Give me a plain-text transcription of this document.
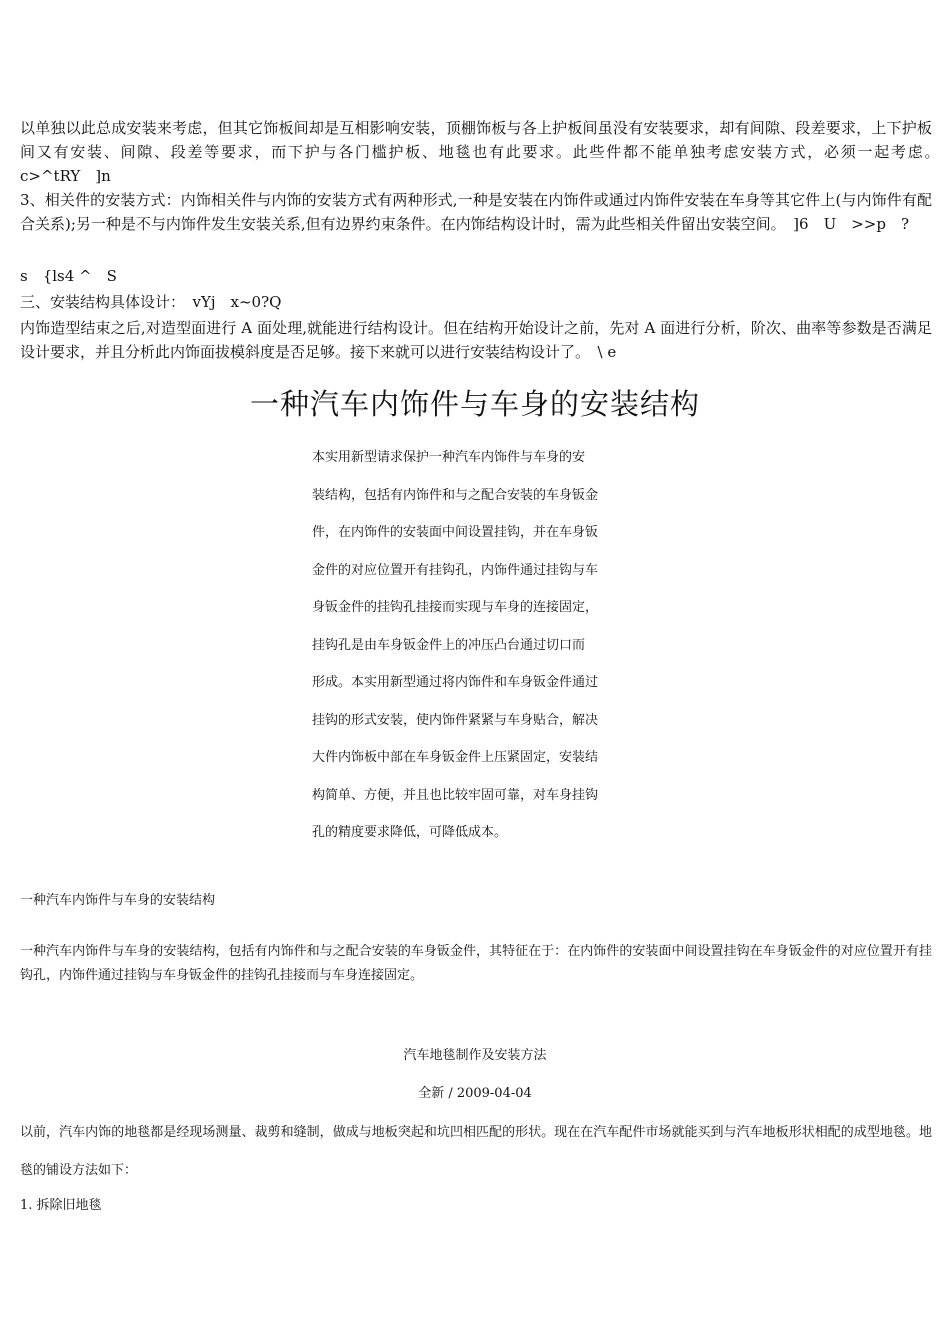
以单独以此总成安装来考虑，但其它饰板间却是互相影响安装，顶棚饰板与各上护板间虽没有安装要求，却有间隙、段差要求，上下护板间又有安装、间隙、段差等要求，而下护与各门槛护板、地毯也有此要求。此些件都不能单独考虑安装方式，必须一起考虑。　c>^tRY　]n

3、相关件的安装方式：内饰相关件与内饰的安装方式有两种形式,一种是安装在内饰件或通过内饰件安装在车身等其它件上(与内饰件有配合关系);另一种是不与内饰件发生安装关系,但有边界约束条件。在内饰结构设计时，需为此些相关件留出安装空间。　]6　U　>>p　?

s　{ls4 ^　S

三、安装结构具体设计：　vYj　x~0?Q

内饰造型结束之后,对造型面进行 A 面处理,就能进行结构设计。但在结构开始设计之前，先对 A 面进行分析，阶次、曲率等参数是否满足设计要求，并且分析此内饰面拔模斜度是否足够。接下来就可以进行安装结构设计了。　\ e

一种汽车内饰件与车身的安装结构
本实用新型请求保护一种汽车内饰件与车身的安
装结构，包括有内饰件和与之配合安装的车身钣金
件，在内饰件的安装面中间设置挂钩，并在车身钣
金件的对应位置开有挂钩孔，内饰件通过挂钩与车
身钣金件的挂钩孔挂接而实现与车身的连接固定，
挂钩孔是由车身钣金件上的冲压凸台通过切口而
形成。本实用新型通过将内饰件和车身钣金件通过
挂钩的形式安装，使内饰件紧紧与车身贴合，解决
大件内饰板中部在车身钣金件上压紧固定，安装结
构简单、方便，并且也比较牢固可靠，对车身挂钩
孔的精度要求降低，可降低成本。

一种汽车内饰件与车身的安装结构

一种汽车内饰件与车身的安装结构，包括有内饰件和与之配合安装的车身钣金件，其特征在于：在内饰件的安装面中间设置挂钩在车身钣金件的对应位置开有挂钩孔，内饰件通过挂钩与车身钣金件的挂钩孔挂接而与车身连接固定。

汽车地毯制作及安装方法

全新 / 2009-04-04

以前，汽车内饰的地毯都是经现场测量、裁剪和缝制，做成与地板突起和坑凹相匹配的形状。现在在汽车配件市场就能买到与汽车地板形状相配的成型地毯。地毯的铺设方法如下：

1. 拆除旧地毯
